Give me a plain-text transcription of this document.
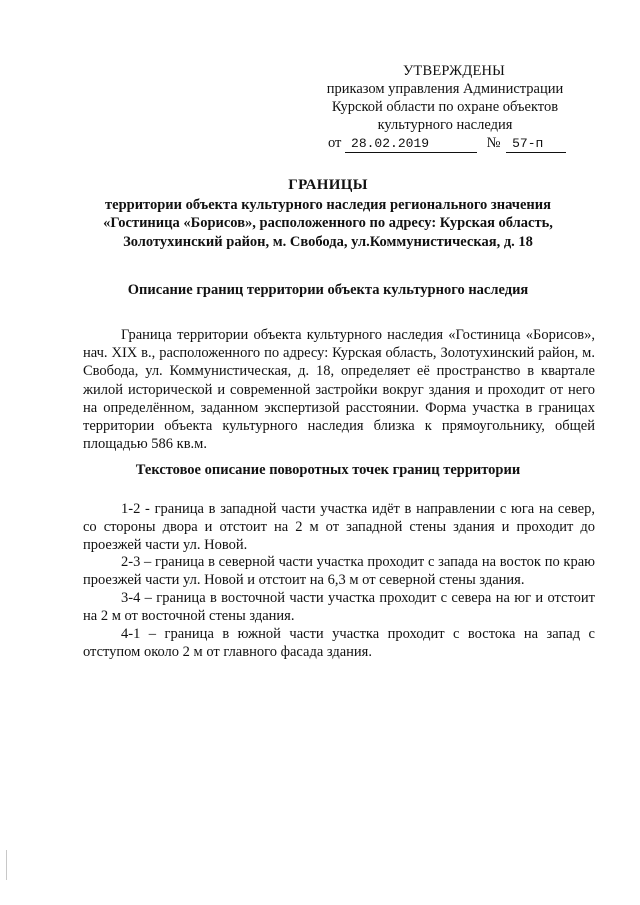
УТВЕРЖДЕНЫ
приказом управления Администрации
Курской области по охране объектов
культурного наследия
от 28.02.2019	№ 57-п
ГРАНИЦЫ
территории объекта культурного наследия регионального значения
«Гостиница «Борисов», расположенного по адресу: Курская область,
Золотухинский район, м. Свобода, ул.Коммунистическая, д. 18
Описание границ территории объекта культурного наследия
Граница территории объекта культурного наследия «Гостиница «Борисов», нач. XIX в., расположенного по адресу: Курская область, Золотухинский район, м. Свобода, ул. Коммунистическая, д. 18, определяет её пространство в квартале жилой исторической и современной застройки вокруг здания и проходит от него на определённом, заданном экспертизой расстоянии. Форма участка в границах территории объекта культурного наследия близка к прямоугольнику, общей площадью 586 кв.м.
Текстовое описание поворотных точек границ территории
1-2 - граница в западной части участка идёт в направлении с юга на север, со стороны двора и отстоит на 2 м от западной стены здания и проходит до проезжей части ул. Новой.
2-3 – граница в северной части участка проходит с запада на восток по краю проезжей части ул. Новой и отстоит на 6,3 м от северной стены здания.
3-4 – граница в восточной части участка проходит с севера на юг и отстоит на 2 м от восточной стены здания.
4-1 – граница в южной части участка проходит с востока на запад с отступом около 2 м от главного фасада здания.
